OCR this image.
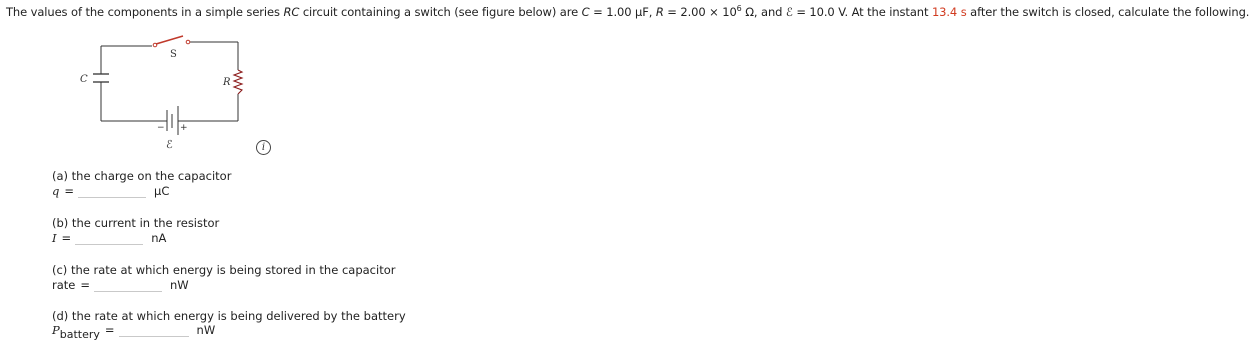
The values of the components in a simple series RC circuit containing a switch (see figure below) are C = 1.00 μF, $R = 2.00 \times 10^6$ Ω, and ℰ = 10.0 V. At the instant 13.4 s after the switch is closed, calculate the following.
S
C	R
− +
ℰ	i
(a) the charge on the capacitor
q =	μC
(b) the current in the resistor
I =	nA
(c) the rate at which energy is being stored in the capacitor
rate =	nW
(d) the rate at which energy is being delivered by the battery
Pbattery =	nW
